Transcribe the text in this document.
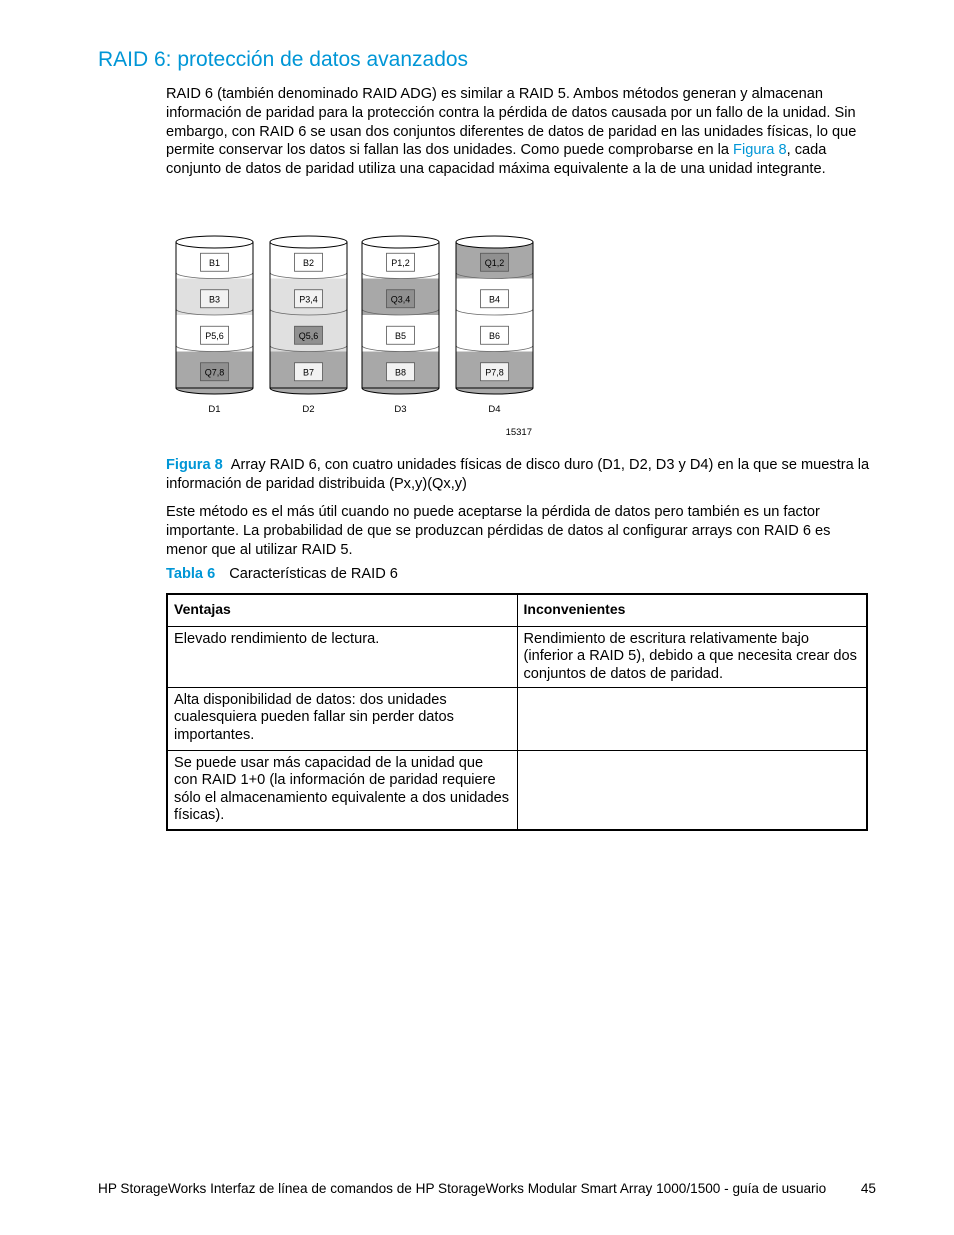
RAID 6: protección de datos avanzados

RAID 6 (también denominado RAID ADG) es similar a RAID 5. Ambos métodos generan y almacenan información de paridad para la protección contra la pérdida de datos causada por un fallo de la unidad. Sin embargo, con RAID 6 se usan dos conjuntos diferentes de datos de paridad en las unidades físicas, lo que permite conservar los datos si fallan las dos unidades. Como puede comprobarse en la Figura 8, cada conjunto de datos de paridad utiliza una capacidad máxima equivalente a la de una unidad integrante.

B1
B3
P5,6
Q7,8
D1
B2
P3,4
Q5,6
B7
D2
P1,2
Q3,4
B5
B8
D3
Q1,2
B4
B6
P7,8
D4
15317

Figura 8 Array RAID 6, con cuatro unidades físicas de disco duro (D1, D2, D3 y D4) en la que se muestra la información de paridad distribuida (Px,y)(Qx,y)

Este método es el más útil cuando no puede aceptarse la pérdida de datos pero también es un factor importante. La probabilidad de que se produzcan pérdidas de datos al configurar arrays con RAID 6 es menor que al utilizar RAID 5.

Tabla 6 Características de RAID 6

Ventajas	Inconvenientes
Elevado rendimiento de lectura.	Rendimiento de escritura relativamente bajo (inferior a RAID 5), debido a que necesita crear dos conjuntos de datos de paridad.
Alta disponibilidad de datos: dos unidades cualesquiera pueden fallar sin perder datos importantes.	
Se puede usar más capacidad de la unidad que con RAID 1+0 (la información de paridad requiere sólo el almacenamiento equivalente a dos unidades físicas).	
HP StorageWorks Interfaz de línea de comandos de HP StorageWorks Modular Smart Array 1000/1500 - guía de usuario	45
